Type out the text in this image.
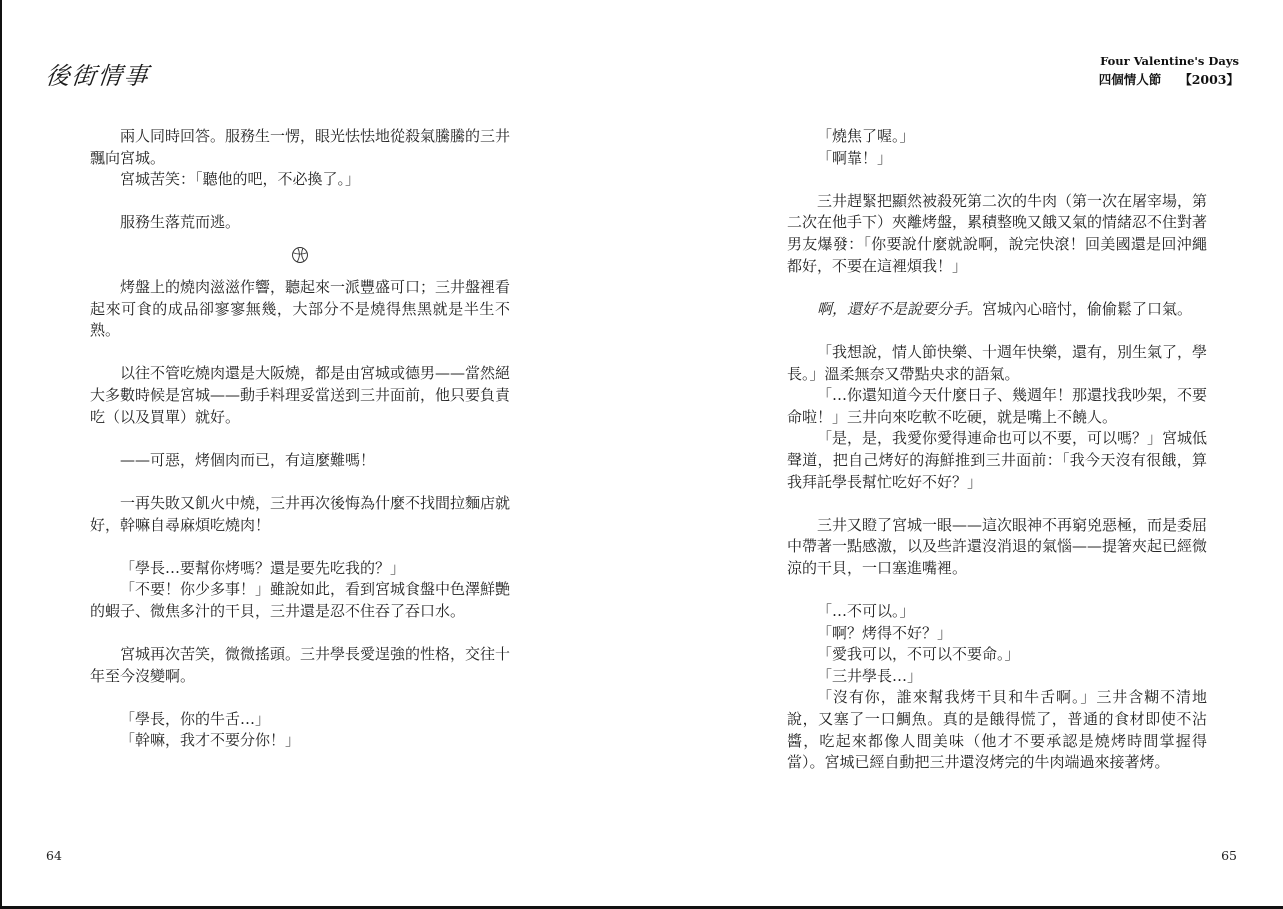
後街情事
Four Valentine's Days
四個情人節 【2003】

兩人同時回答。服務生一愣，眼光怯怯地從殺氣騰騰的三井飄向宮城。

宮城苦笑：「聽他的吧，不必換了。」

服務生落荒而逃。

烤盤上的燒肉滋滋作響，聽起來一派豐盛可口；三井盤裡看起來可食的成品卻寥寥無幾，大部分不是燒得焦黑就是半生不熟。

以往不管吃燒肉還是大阪燒，都是由宮城或德男——當然絕大多數時候是宮城——動手料理妥當送到三井面前，他只要負責吃（以及買單）就好。

——可惡，烤個肉而已，有這麼難嗎！

一再失敗又飢火中燒，三井再次後悔為什麼不找間拉麵店就好，幹嘛自尋麻煩吃燒肉！

「學長…要幫你烤嗎？還是要先吃我的？」

「不要！你少多事！」雖說如此，看到宮城食盤中色澤鮮艷的蝦子、微焦多汁的干貝，三井還是忍不住吞了吞口水。

宮城再次苦笑，微微搖頭。三井學長愛逞強的性格，交往十年至今沒變啊。

「學長，你的牛舌…」

「幹嘛，我才不要分你！」

「燒焦了喔。」

「啊靠！」

三井趕緊把顯然被殺死第二次的牛肉（第一次在屠宰場，第二次在他手下）夾離烤盤，累積整晚又餓又氣的情緒忍不住對著男友爆發：「你要說什麼就說啊，說完快滾！回美國還是回沖繩都好，不要在這裡煩我！」

啊，還好不是說要分手。宮城內心暗忖，偷偷鬆了口氣。

「我想說，情人節快樂、十週年快樂，還有，別生氣了，學長。」溫柔無奈又帶點央求的語氣。

「…你還知道今天什麼日子、幾週年！那還找我吵架，不要命啦！」三井向來吃軟不吃硬，就是嘴上不饒人。

「是，是，我愛你愛得連命也可以不要，可以嗎？」宮城低聲道，把自己烤好的海鮮推到三井面前：「我今天沒有很餓，算我拜託學長幫忙吃好不好？」

三井又瞪了宮城一眼——這次眼神不再窮兇惡極，而是委屈中帶著一點感激，以及些許還沒消退的氣惱——提箸夾起已經微涼的干貝，一口塞進嘴裡。

「…不可以。」

「啊？烤得不好？」

「愛我可以，不可以不要命。」

「三井學長…」

「沒有你，誰來幫我烤干貝和牛舌啊。」三井含糊不清地說，又塞了一口鯛魚。真的是餓得慌了，普通的食材即使不沾醬，吃起來都像人間美味（他才不要承認是燒烤時間掌握得當）。宮城已經自動把三井還沒烤完的牛肉端過來接著烤。

64	65
